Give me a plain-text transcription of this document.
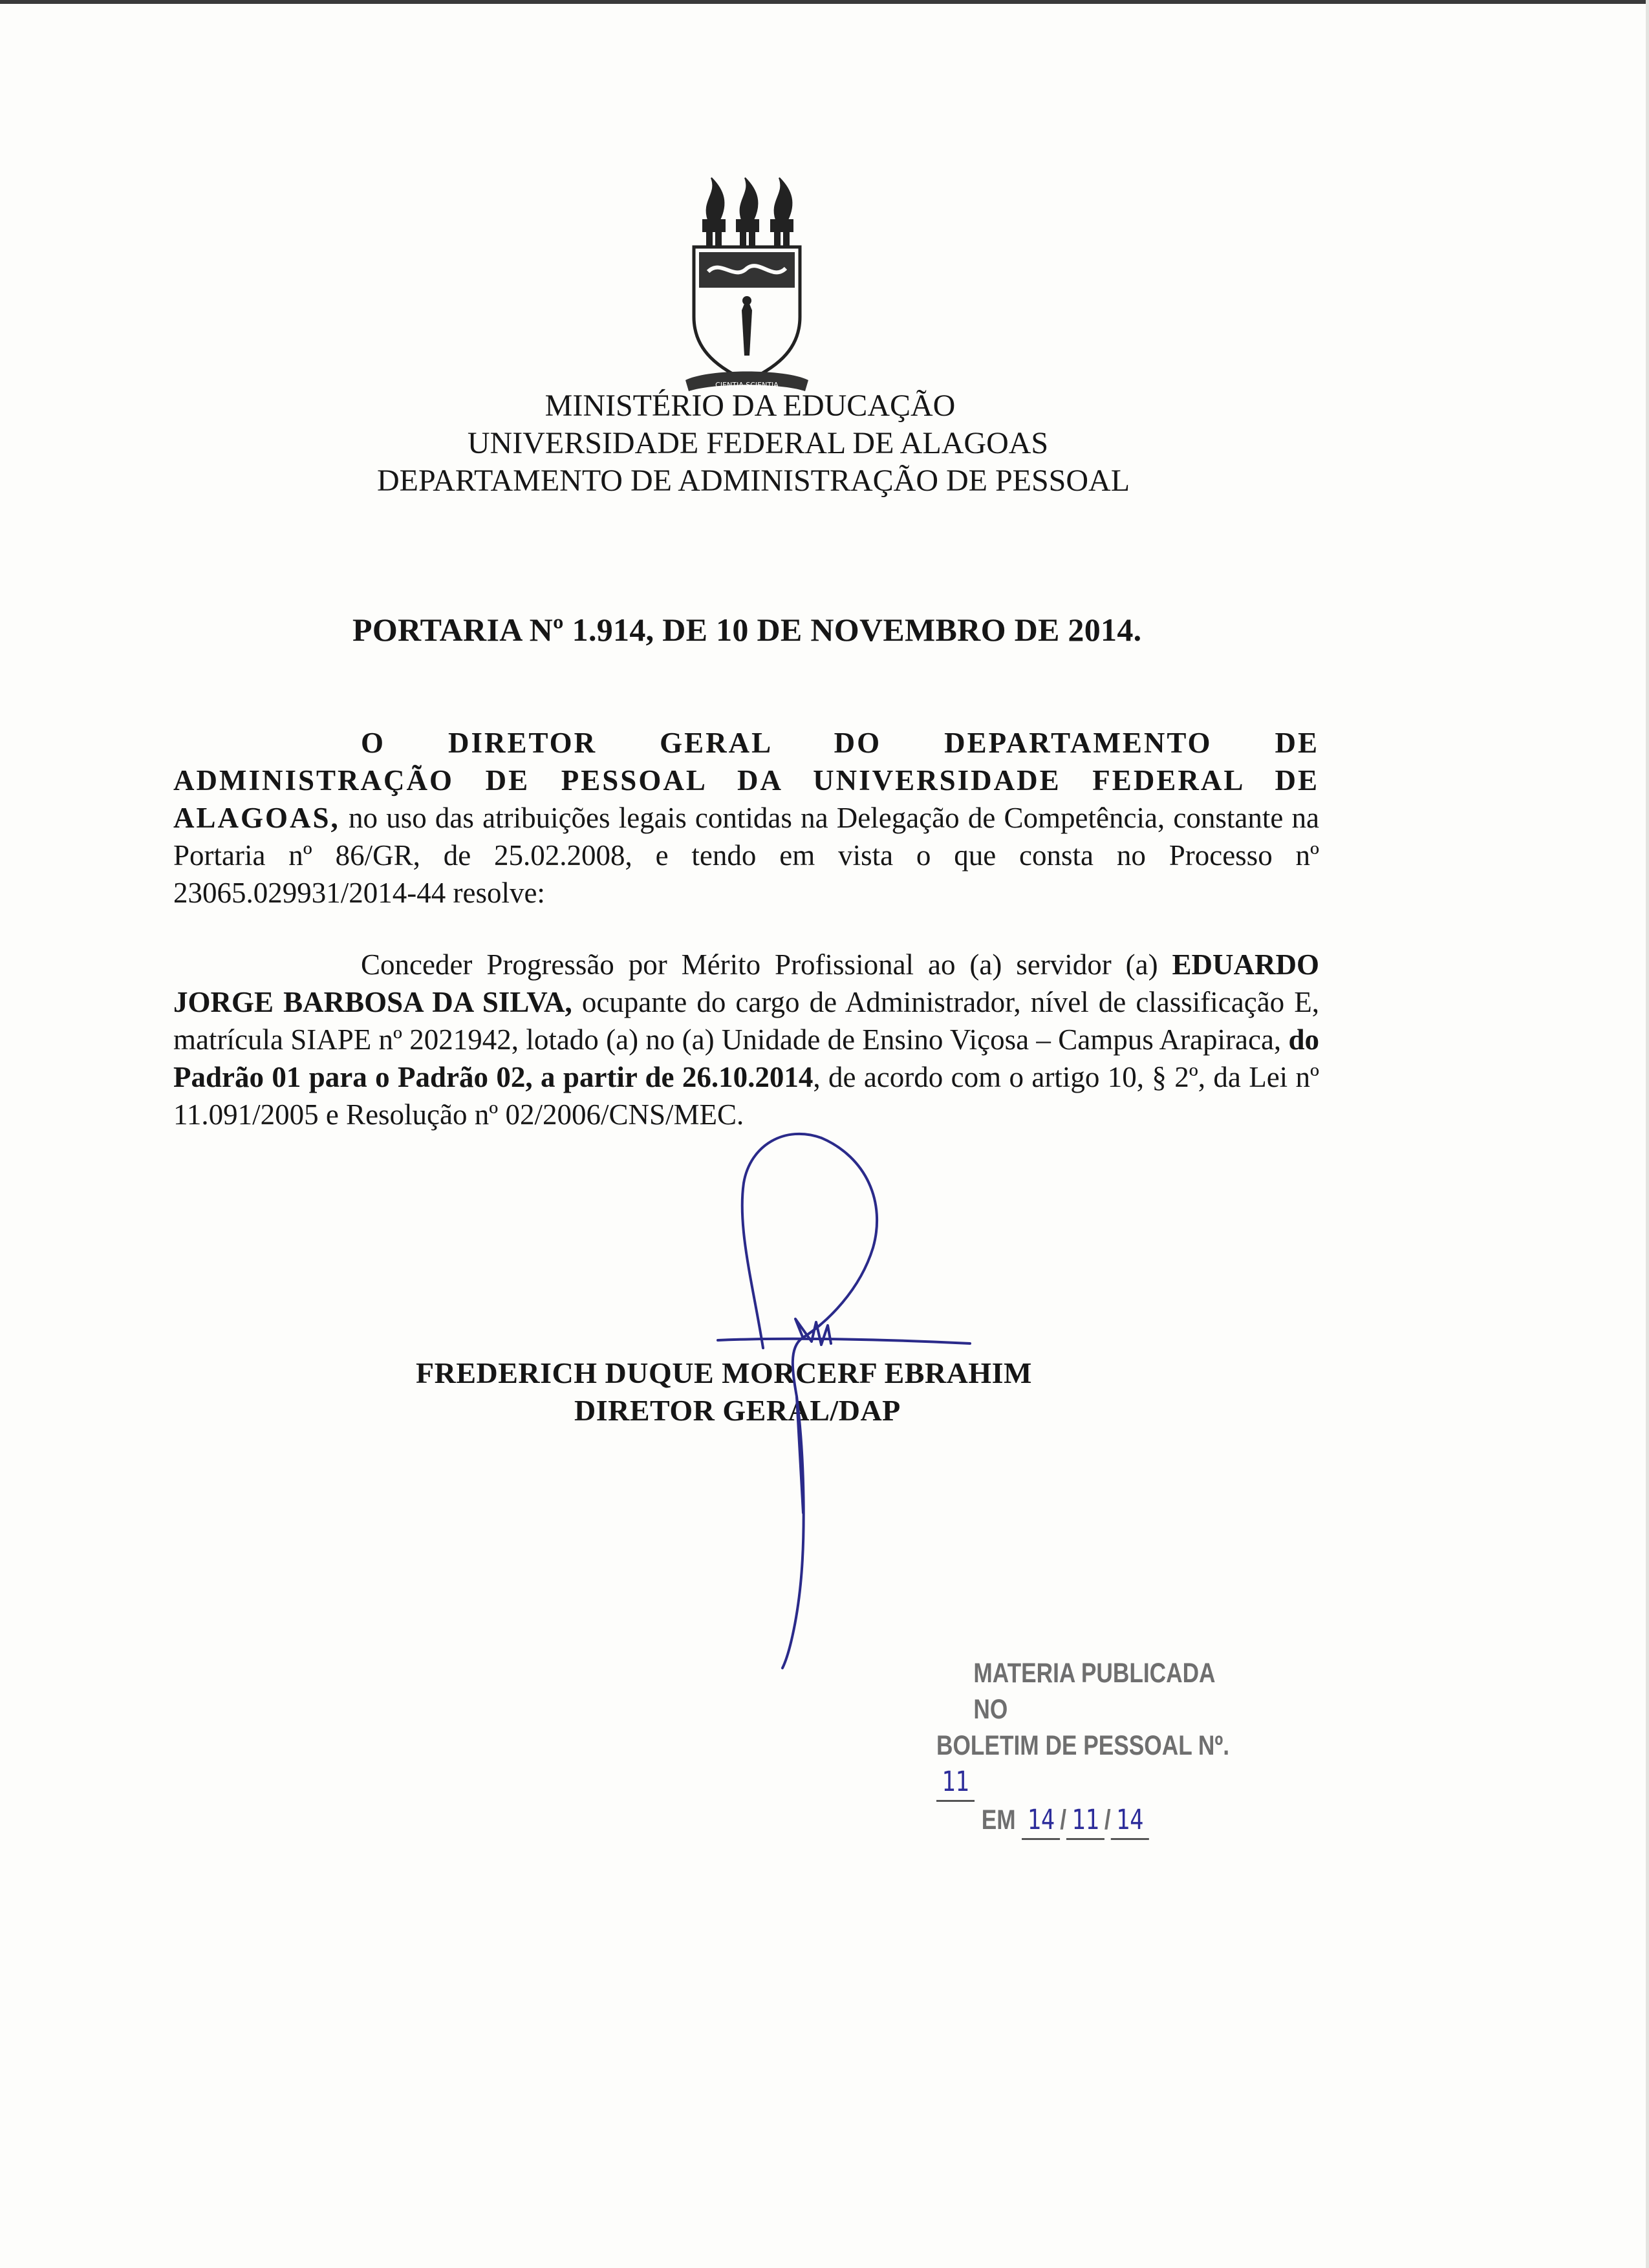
CIENTIA SCIENTIA
MINISTÉRIO DA EDUCAÇÃO
UNIVERSIDADE FEDERAL DE ALAGOAS
DEPARTAMENTO DE ADMINISTRAÇÃO DE PESSOAL
PORTARIA Nº 1.914, DE 10 DE NOVEMBRO DE 2014.
O DIRETOR GERAL DO DEPARTAMENTO DE ADMINISTRAÇÃO DE PESSOAL DA UNIVERSIDADE FEDERAL DE ALAGOAS, no uso das atribuições legais contidas na Delegação de Competência, constante na Portaria nº 86/GR, de 25.02.2008, e tendo em vista o que consta no Processo nº 23065.029931/2014-44 resolve:
Conceder Progressão por Mérito Profissional ao (a) servidor (a) EDUARDO JORGE BARBOSA DA SILVA, ocupante do cargo de Administrador, nível de classificação E, matrícula SIAPE nº 2021942, lotado (a) no (a) Unidade de Ensino Viçosa – Campus Arapiraca, do Padrão 01 para o Padrão 02, a partir de 26.10.2014, de acordo com o artigo 10, § 2º, da Lei nº 11.091/2005 e Resolução nº 02/2006/CNS/MEC.
FREDERICH DUQUE MORCERF EBRAHIM
DIRETOR GERAL/DAP
MATERIA PUBLICADA NO
BOLETIM DE PESSOAL Nº. 11
EM 14 / 11 / 14
